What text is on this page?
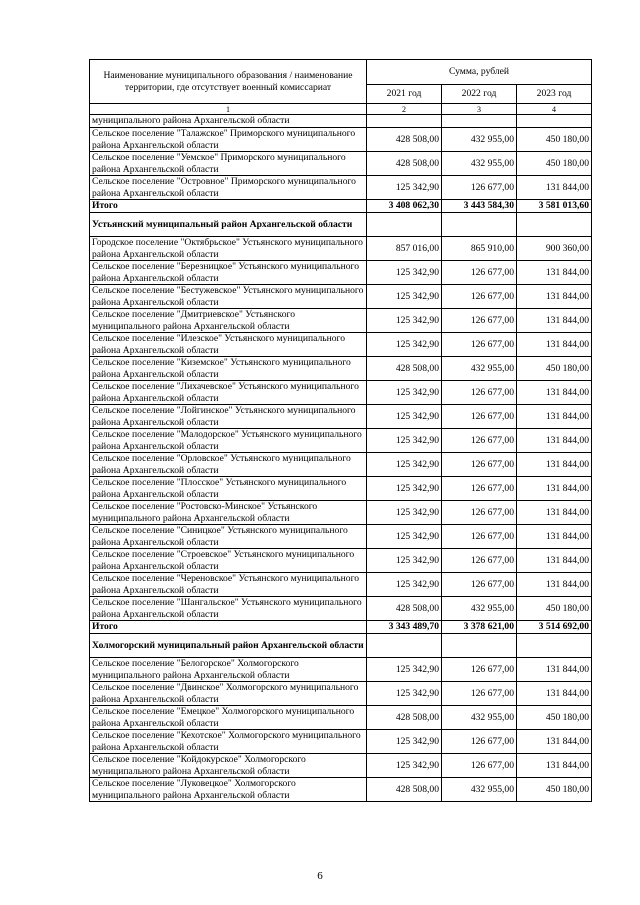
Наименование муниципального образования / наименование территории, где отсутствует военный комиссариат	Сумма, рублей		
	2021 год	2022 год	2023 год
1	2	3	4
муниципального района Архангельской области			
Сельское поселение "Талажское" Приморского муниципального района Архангельской области	428 508,00	432 955,00	450 180,00
Сельское поселение "Уемское" Приморского муниципального района Архангельской области	428 508,00	432 955,00	450 180,00
Сельское поселение "Островное" Приморского муниципального района Архангельской области	125 342,90	126 677,00	131 844,00
Итого	3 408 062,30	3 443 584,30	3 581 013,60
Устьянский муниципальный район Архангельской области			
Городское поселение "Октябрьское" Устьянского муниципального района Архангельской области	857 016,00	865 910,00	900 360,00
Сельское поселение "Березницкое" Устьянского муниципального района Архангельской области	125 342,90	126 677,00	131 844,00
Сельское поселение "Бестужевское" Устьянского муниципального района Архангельской области	125 342,90	126 677,00	131 844,00
Сельское поселение "Дмитриевское" Устьянского муниципального района Архангельской области	125 342,90	126 677,00	131 844,00
Сельское поселение "Илезское" Устьянского муниципального района Архангельской области	125 342,90	126 677,00	131 844,00
Сельское поселение "Киземское" Устьянского муниципального района Архангельской области	428 508,00	432 955,00	450 180,00
Сельское поселение "Лихачевское" Устьянского муниципального района Архангельской области	125 342,90	126 677,00	131 844,00
Сельское поселение "Лойгинское" Устьянского муниципального района Архангельской области	125 342,90	126 677,00	131 844,00
Сельское поселение "Малодорское" Устьянского муниципального района Архангельской области	125 342,90	126 677,00	131 844,00
Сельское поселение "Орловское" Устьянского муниципального района Архангельской области	125 342,90	126 677,00	131 844,00
Сельское поселение "Плосское" Устьянского муниципального района Архангельской области	125 342,90	126 677,00	131 844,00
Сельское поселение "Ростовско-Минское" Устьянского муниципального района Архангельской области	125 342,90	126 677,00	131 844,00
Сельское поселение "Синицкое" Устьянского муниципального района Архангельской области	125 342,90	126 677,00	131 844,00
Сельское поселение "Строевское" Устьянского муниципального района Архангельской области	125 342,90	126 677,00	131 844,00
Сельское поселение "Череновское" Устьянского муниципального района Архангельской области	125 342,90	126 677,00	131 844,00
Сельское поселение "Шангальское" Устьянского муниципального района Архангельской области	428 508,00	432 955,00	450 180,00
Итого	3 343 489,70	3 378 621,00	3 514 692,00
Холмогорский муниципальный район Архангельской области			
Сельское поселение "Белогорское" Холмогорского муниципального района Архангельской области	125 342,90	126 677,00	131 844,00
Сельское поселение "Двинское" Холмогорского муниципального района Архангельской области	125 342,90	126 677,00	131 844,00
Сельское поселение "Емецкое" Холмогорского муниципального района Архангельской области	428 508,00	432 955,00	450 180,00
Сельское поселение "Кехотское" Холмогорского муниципального района Архангельской области	125 342,90	126 677,00	131 844,00
Сельское поселение "Койдокурское" Холмогорского муниципального района Архангельской области	125 342,90	126 677,00	131 844,00
Сельское поселение "Луковецкое" Холмогорского муниципального района Архангельской области	428 508,00	432 955,00	450 180,00
6
